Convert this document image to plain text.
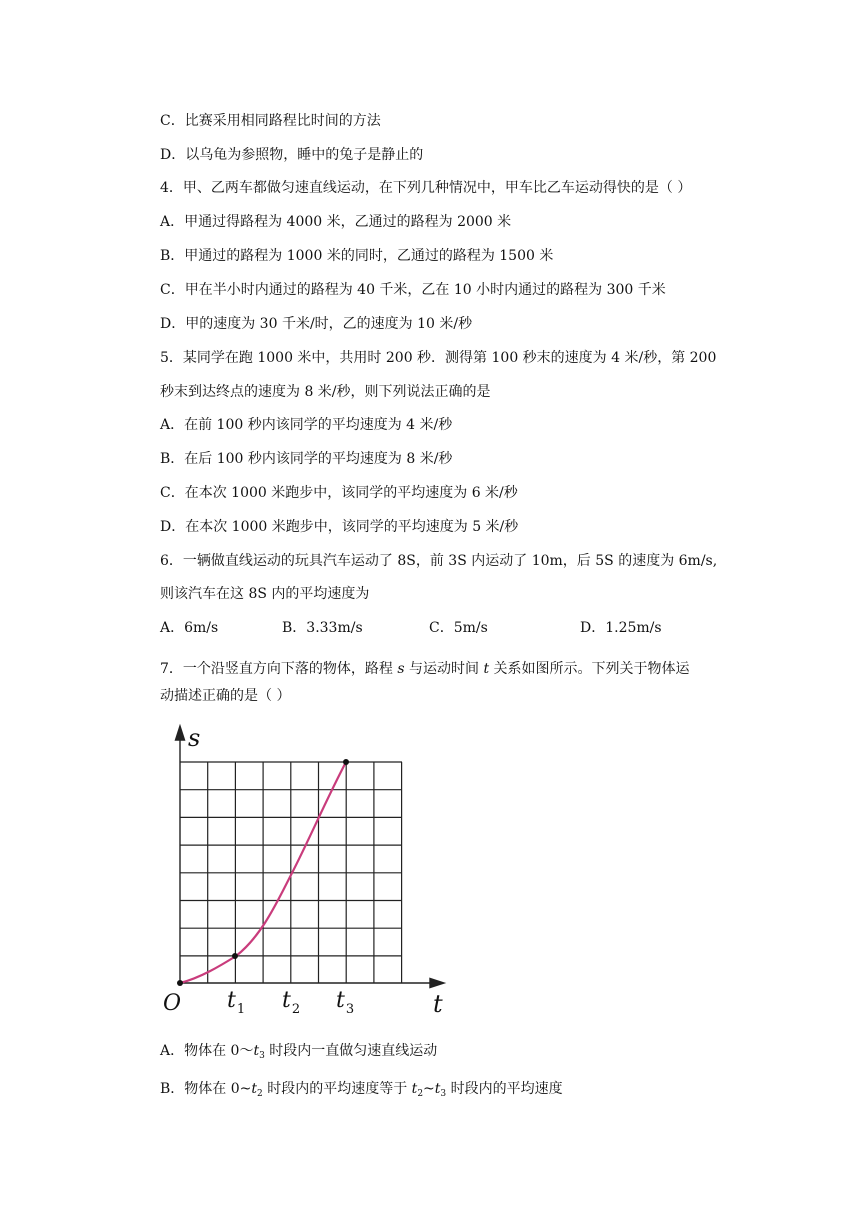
C．比赛采用相同路程比时间的方法
D．以乌龟为参照物，睡中的兔子是静止的
4．甲、乙两车都做匀速直线运动，在下列几种情况中，甲车比乙车运动得快的是（ ）
A．甲通过得路程为 4000 米，乙通过的路程为 2000 米
B．甲通过的路程为 1000 米的同时，乙通过的路程为 1500 米
C．甲在半小时内通过的路程为 40 千米，乙在 10 小时内通过的路程为 300 千米
D．甲的速度为 30 千米/时，乙的速度为 10 米/秒
5．某同学在跑 1000 米中，共用时 200 秒．测得第 100 秒末的速度为 4 米/秒，第 200
秒末到达终点的速度为 8 米/秒，则下列说法正确的是
A．在前 100 秒内该同学的平均速度为 4 米/秒
B．在后 100 秒内该同学的平均速度为 8 米/秒
C．在本次 1000 米跑步中，该同学的平均速度为 6 米/秒
D．在本次 1000 米跑步中，该同学的平均速度为 5 米/秒
6．一辆做直线运动的玩具汽车运动了 8S，前 3S 内运动了 10m，后 5S 的速度为 6m/s,
则该汽车在这 8S 内的平均速度为
A．6m/s	B．3.33m/s	C．5m/s	D．1.25m/s
7．一个沿竖直方向下落的物体，路程 s 与运动时间 t 关系如图所示。下列关于物体运
动描述正确的是（ ）
s
t
O $t_1$ $t_2$ $t_3$
A．物体在 $0\sim t_3$ 时段内一直做匀速直线运动
B．物体在 $0\sim t_2$ 时段内的平均速度等于 $t_2\sim t_3$ 时段内的平均速度
